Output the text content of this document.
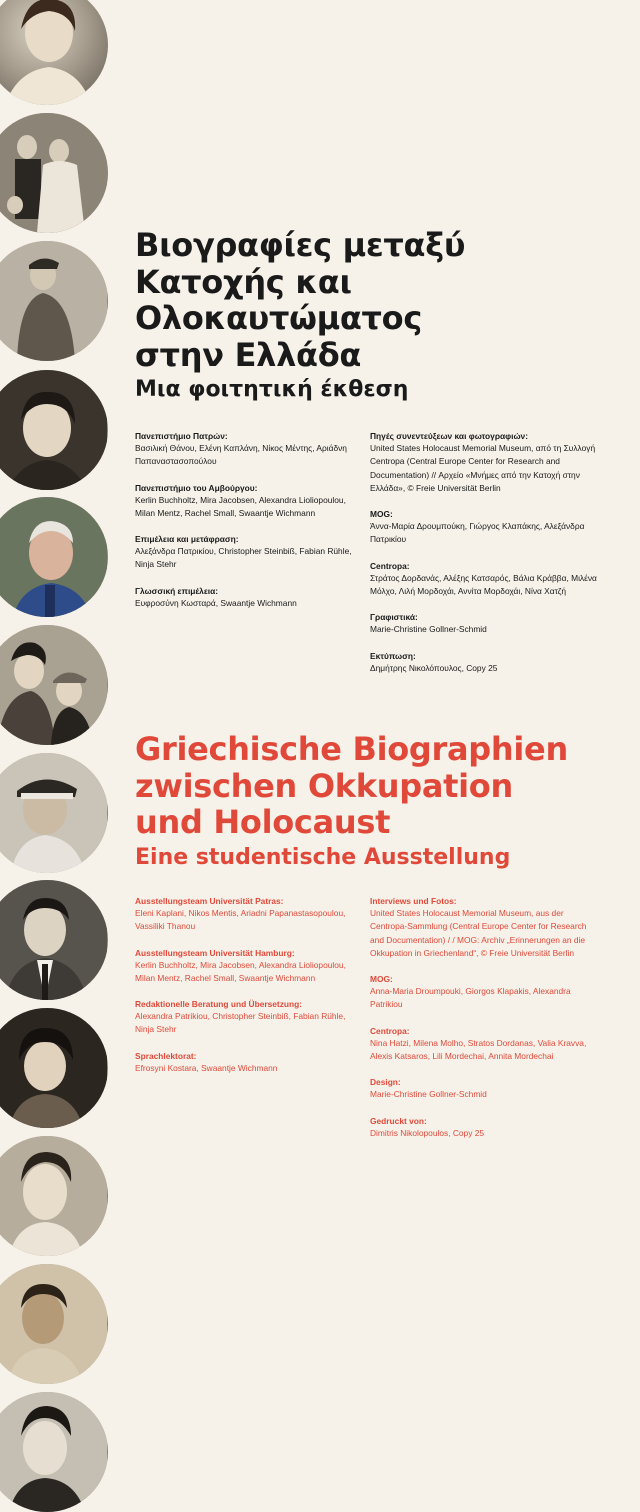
Βιογραφίες μεταξύ
Κατοχής και
Ολοκαυτώματος
στην Ελλάδα
Μια φοιτητική έκθεση
Πανεπιστήμιο Πατρών:
Βασιλική Θάνου, Ελένη Καπλάνη, Νίκος Μέντης, Αριάδνη Παπαναστασοπούλου
Πανεπιστήμιο του Αμβούργου:
Kerlin Buchholtz, Mira Jacobsen, Alexandra Lioliopoulou, Milan Mentz, Rachel Small, Swaantje Wichmann
Επιμέλεια και μετάφραση:
Αλεξάνδρα Πατρικίου, Christopher Steinbiß, Fabian Rühle, Ninja Stehr
Γλωσσική επιμέλεια:
Ευφροσύνη Κωσταρά, Swaantje Wichmann
Πηγές συνεντεύξεων και φωτογραφιών:
United States Holocaust Memorial Museum, από τη Συλλογή Centropa (Central Europe Center for Research and Documentation) // Αρχείο «Μνήμες από την Κατοχή στην Ελλάδα», © Freie Universität Berlin
MOG:
Άννα-Μαρία Δρουμπούκη, Γιώργος Κλαπάκης, Αλεξάνδρα Πατρικίου
Centropa:
Στράτος Δορδανάς, Αλέξης Κατσαρός, Βάλια Κράββα, Μιλένα Μόλχο, Λιλή Μορδοχάι, Αννίτα Μορδοχάι, Νίνα Χατζή
Γραφιστικά:
Marie-Christine Gollner-Schmid
Εκτύπωση:
Δημήτρης Νικολόπουλος, Copy 25
Griechische Biographien
zwischen Okkupation
und Holocaust
Eine studentische Ausstellung
Ausstellungsteam Universität Patras:
Eleni Kaplani, Nikos Mentis, Ariadni Papanastasopoulou, Vassiliki Thanou
Ausstellungsteam Universität Hamburg:
Kerlin Buchholtz, Mira Jacobsen, Alexandra Lioliopoulou, Milan Mentz, Rachel Small, Swaantje Wichmann
Redaktionelle Beratung und Übersetzung:
Alexandra Patrikiou, Christopher Steinbiß, Fabian Rühle, Ninja Stehr
Sprachlektorat:
Efrosyni Kostara, Swaantje Wichmann
Interviews und Fotos:
United States Holocaust Memorial Museum, aus der Centropa-Sammlung (Central Europe Center for Research and Documentation) / / MOG: Archiv „Erinnerungen an die Okkupation in Griechenland“, © Freie Universität Berlin
MOG:
Anna-Maria Droumpouki, Giorgos Klapakis, Alexandra Patrikiou
Centropa:
Nina Hatzi, Milena Molho, Stratos Dordanas, Valia Kravva, Alexis Katsaros, Lili Mordechai, Annita Mordechai
Design:
Marie-Christine Gollner-Schmid
Gedruckt von:
Dimitris Nikolopoulos, Copy 25
